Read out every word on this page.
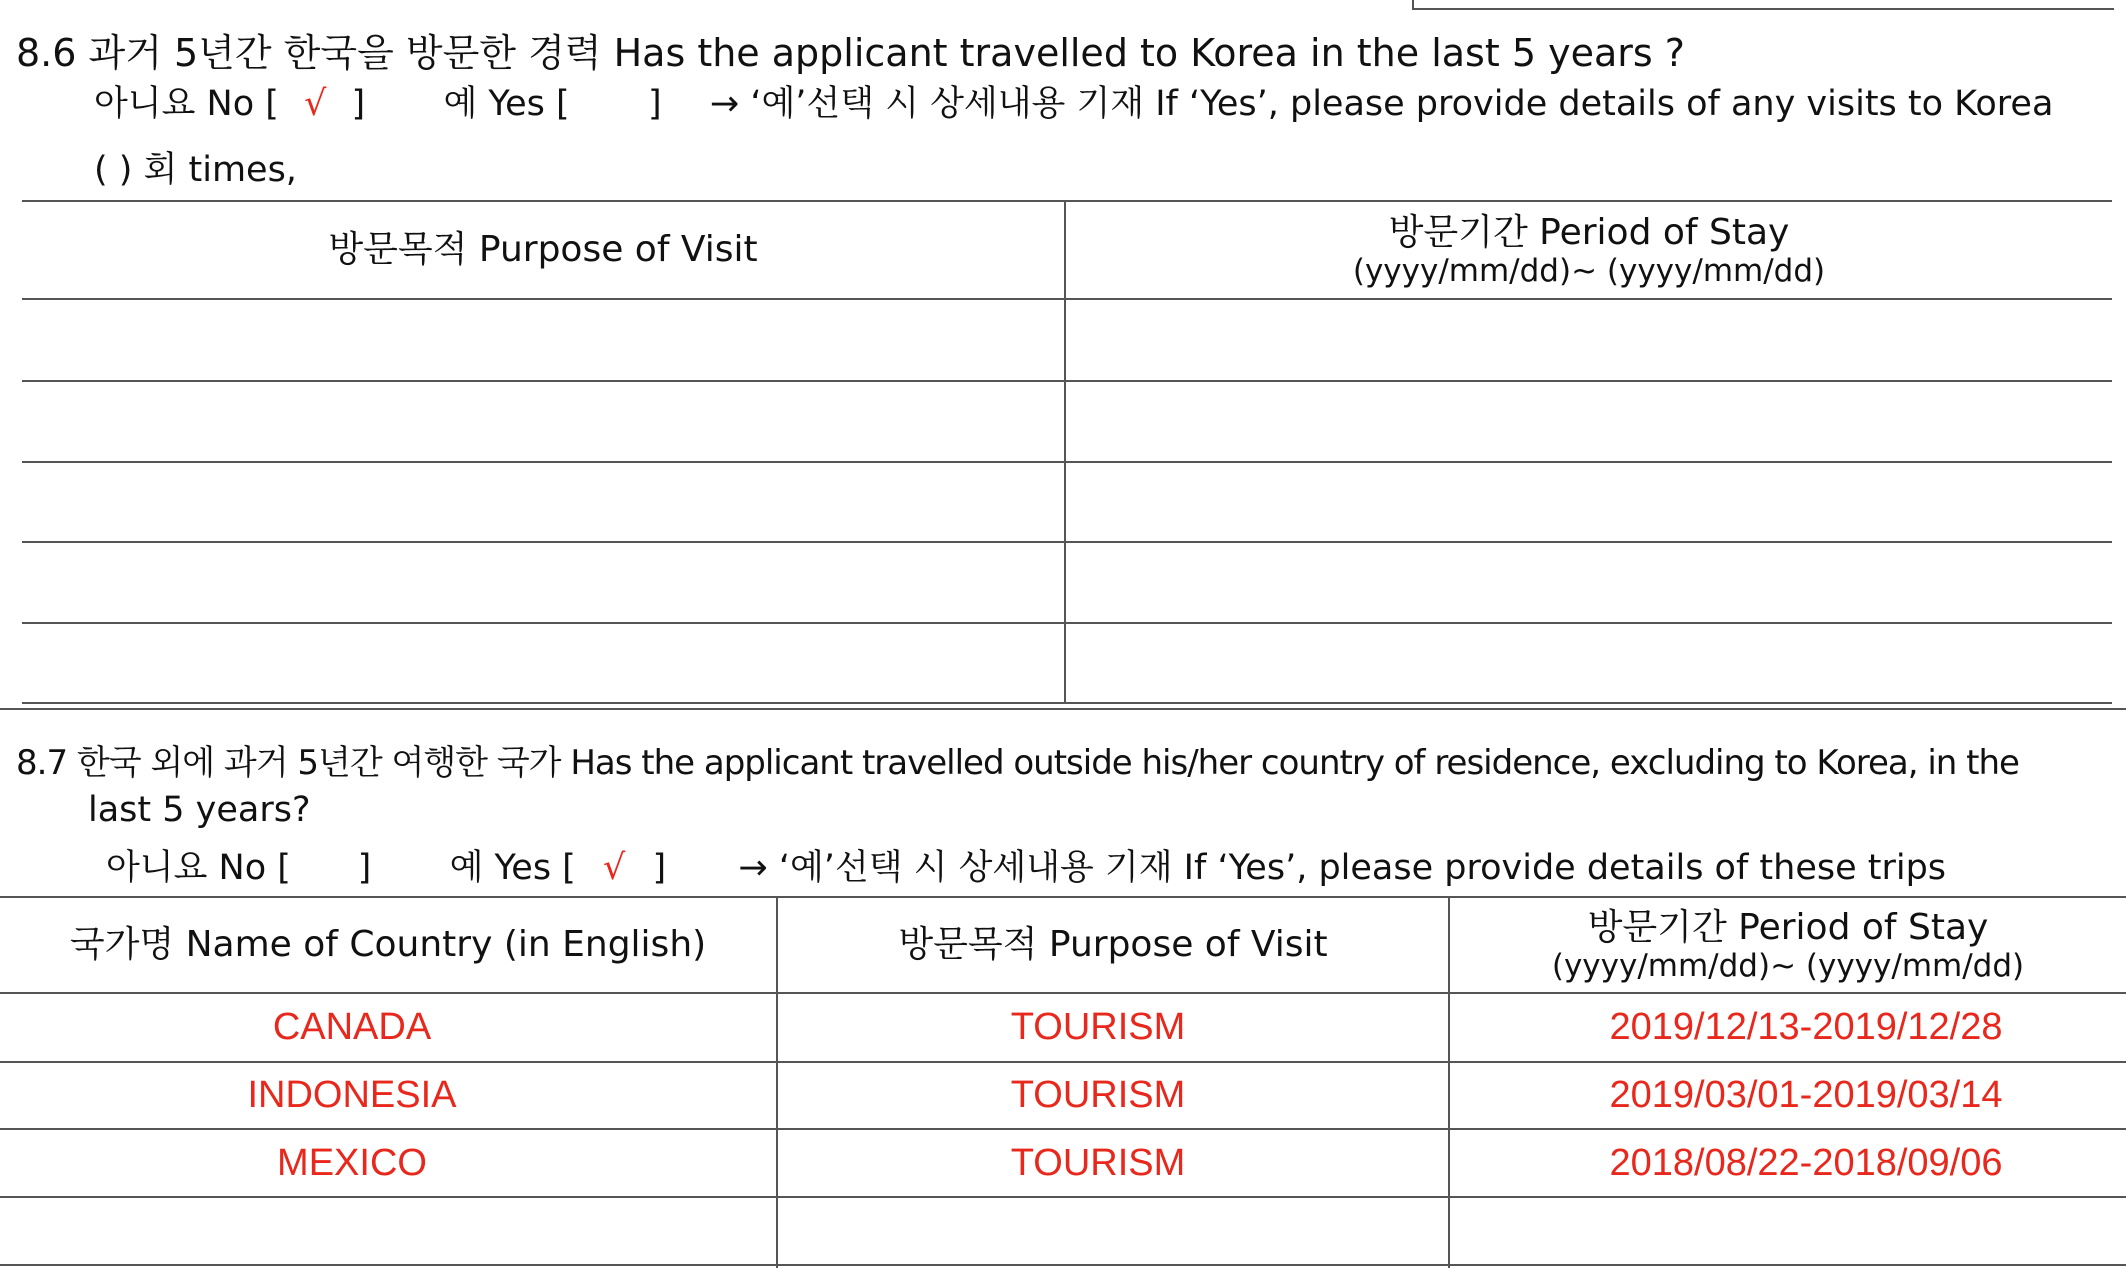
8.6 과거 5년간 한국을 방문한 경력 Has the applicant travelled to Korea in the last 5 years ?
아니요 No [ √ ] 예 Yes [ ] → ‘예’선택 시 상세내용 기재 If ‘Yes’, please provide details of any visits to Korea
( ) 회 times,
방문목적 Purpose of Visit	방문기간 Period of Stay
(yyyy/mm/dd)~ (yyyy/mm/dd)
8.7 한국 외에 과거 5년간 여행한 국가 Has the applicant travelled outside his/her country of residence, excluding to Korea, in the
last 5 years?
아니요 No [      ] 예 Yes [ √ ] → ‘예’선택 시 상세내용 기재 If ‘Yes’, please provide details of these trips
국가명 Name of Country (in English)	방문목적 Purpose of Visit	방문기간 Period of Stay
(yyyy/mm/dd)~ (yyyy/mm/dd)
CANADA	TOURISM	2019/12/13-2019/12/28
INDONESIA	TOURISM	2019/03/01-2019/03/14
MEXICO	TOURISM	2018/08/22-2018/09/06
